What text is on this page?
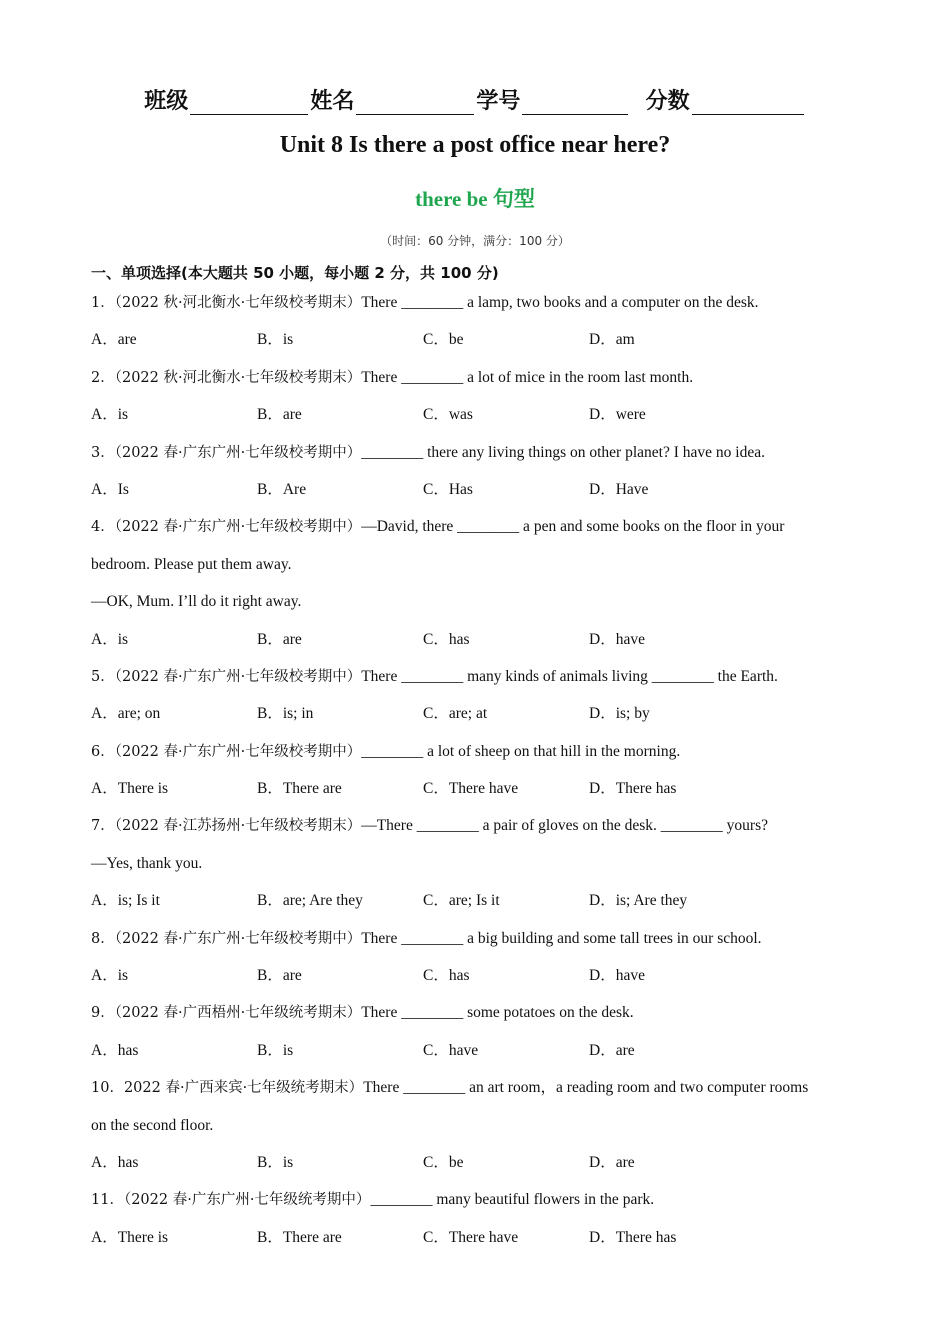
班级	姓名	学号	分数
Unit 8 Is there a post office near here?
there be 句型
（时间：60 分钟，满分：100 分）
一、单项选择(本大题共 50 小题，每小题 2 分，共 100 分)
1．（2022 秋·河北衡水·七年级校考期末）There ________ a lamp, two books and a computer on the desk.
A．are	B．is	C．be	D．am
2．（2022 秋·河北衡水·七年级校考期末）There ________ a lot of mice in the room last month.
A．is	B．are	C．was	D．were
3．（2022 春·广东广州·七年级校考期中）________ there any living things on other planet? I have no idea.
A．Is	B．Are	C．Has	D．Have
4．（2022 春·广东广州·七年级校考期中）—David, there ________ a pen and some books on the floor in your
bedroom. Please put them away.
—OK, Mum. I’ll do it right away.
A．is	B．are	C．has	D．have
5．（2022 春·广东广州·七年级校考期中）There ________ many kinds of animals living ________ the Earth.
A．are; on	B．is; in	C．are; at	D．is; by
6．（2022 春·广东广州·七年级校考期中）________ a lot of sheep on that hill in the morning.
A．There is	B．There are	C．There have	D．There has
7．（2022 春·江苏扬州·七年级校考期末）—There ________ a pair of gloves on the desk. ________ yours?
—Yes, thank you.
A．is; Is it	B．are; Are they	C．are; Is it	D．is; Are they
8．（2022 春·广东广州·七年级校考期中）There ________ a big building and some tall trees in our school.
A．is	B．are	C．has	D．have
9．（2022 春·广西梧州·七年级统考期末）There ________ some potatoes on the desk.
A．has	B．is	C．have	D．are
10．2022 春·广西来宾·七年级统考期末）There ________ an art room，a reading room and two computer rooms
on the second floor.
A．has	B．is	C．be	D．are
11．（2022 春·广东广州·七年级统考期中）________ many beautiful flowers in the park.
A．There is	B．There are	C．There have	D．There has
